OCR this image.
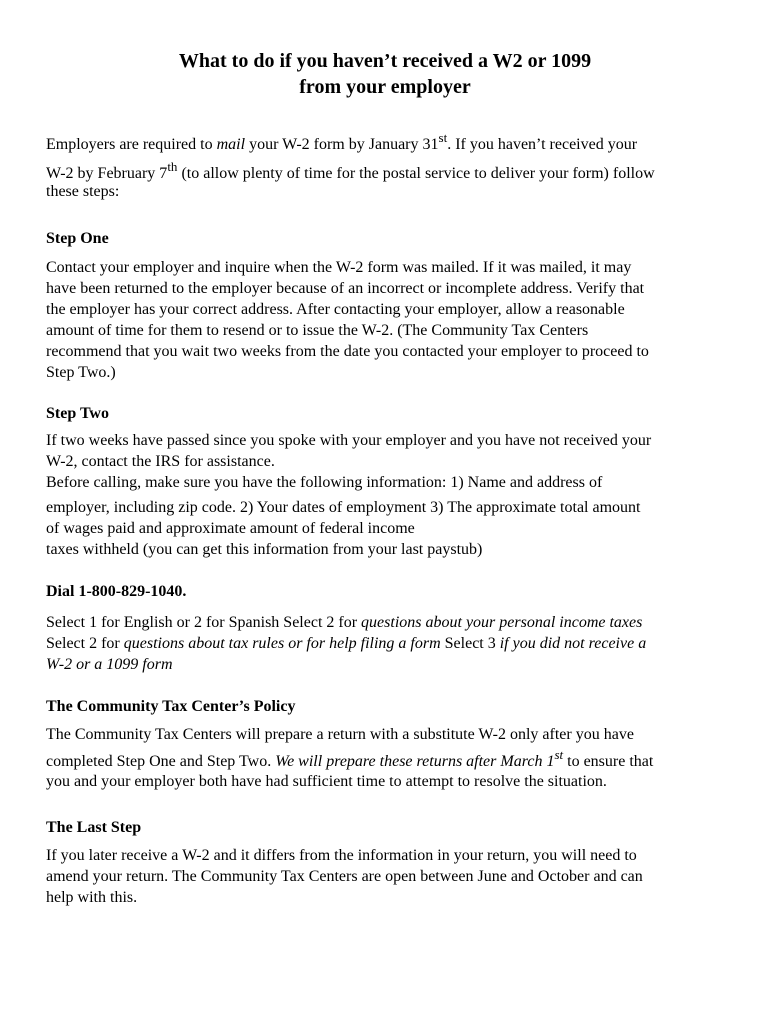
What to do if you haven’t received a W2 or 1099
from your employer
Employers are required to mail your W-2 form by January 31st. If you haven’t received your
W-2 by February 7th (to allow plenty of time for the postal service to deliver your form) follow
these steps:
Step One
Contact your employer and inquire when the W-2 form was mailed. If it was mailed, it may
have been returned to the employer because of an incorrect or incomplete address. Verify that
the employer has your correct address. After contacting your employer, allow a reasonable
amount of time for them to resend or to issue the W-2. (The Community Tax Centers
recommend that you wait two weeks from the date you contacted your employer to proceed to
Step Two.)
Step Two
If two weeks have passed since you spoke with your employer and you have not received your
W-2, contact the IRS for assistance.
Before calling, make sure you have the following information: 1) Name and address of
employer, including zip code. 2) Your dates of employment 3) The approximate total amount
of wages paid and approximate amount of federal income
taxes withheld (you can get this information from your last paystub)
Dial 1-800-829-1040.
Select 1 for English or 2 for Spanish Select 2 for questions about your personal income taxes
Select 2 for questions about tax rules or for help filing a form Select 3 if you did not receive a
W-2 or a 1099 form
The Community Tax Center’s Policy
The Community Tax Centers will prepare a return with a substitute W-2 only after you have
completed Step One and Step Two. We will prepare these returns after March 1st to ensure that
you and your employer both have had sufficient time to attempt to resolve the situation.
The Last Step
If you later receive a W-2 and it differs from the information in your return, you will need to
amend your return. The Community Tax Centers are open between June and October and can
help with this.
